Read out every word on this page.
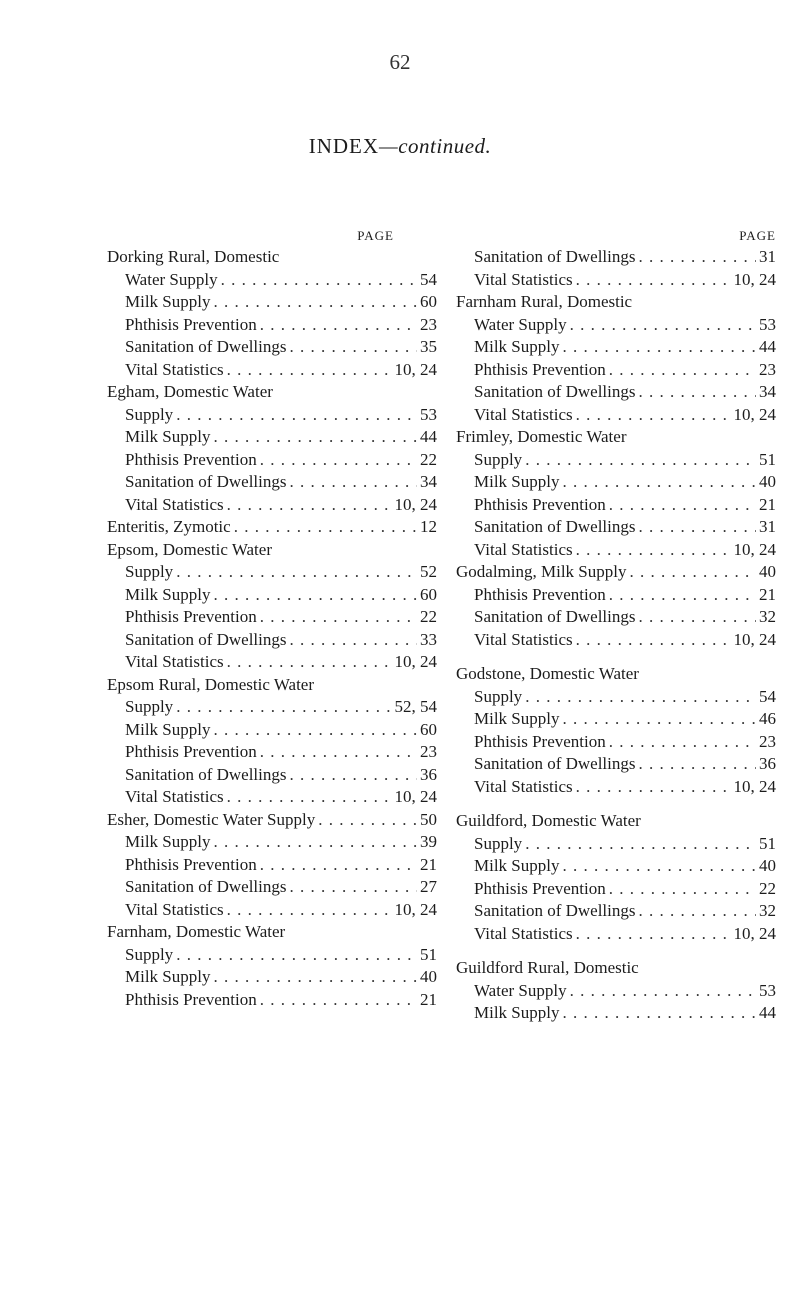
62
INDEX—continued.
PAGE
Dorking Rural, Domestic
Water Supply . . .	54
Milk Supply . . .	60
Phthisis Prevention . . .	23
Sanitation of Dwellings . . .	35
Vital Statistics . . .	10, 24
Egham, Domestic Water
Supply . . .	53
Milk Supply . . .	44
Phthisis Prevention . . .	22
Sanitation of Dwellings . . .	34
Vital Statistics . . .	10, 24
Enteritis, Zymotic . . .	12
Epsom, Domestic Water
Supply . . .	52
Milk Supply . . .	60
Phthisis Prevention . . .	22
Sanitation of Dwellings . . .	33
Vital Statistics . . .	10, 24
Epsom Rural, Domestic Water
Supply . . .	52, 54
Milk Supply . . .	60
Phthisis Prevention . . .	23
Sanitation of Dwellings . . .	36
Vital Statistics . . .	10, 24
Esher, Domestic Water Supply . . .	50
Milk Supply . . .	39
Phthisis Prevention . . .	21
Sanitation of Dwellings . . .	27
Vital Statistics . . .	10, 24
Farnham, Domestic Water
Supply . . .	51
Milk Supply . . .	40
Phthisis Prevention . . .	21
PAGE
Sanitation of Dwellings . . .	31
Vital Statistics . . .	10, 24
Farnham Rural, Domestic
Water Supply . . .	53
Milk Supply . . .	44
Phthisis Prevention . . .	23
Sanitation of Dwellings . . .	34
Vital Statistics . . .	10, 24
Frimley, Domestic Water
Supply . . .	51
Milk Supply . . .	40
Phthisis Prevention . . .	21
Sanitation of Dwellings . . .	31
Vital Statistics . . .	10, 24
Godalming, Milk Supply . . .	40
Phthisis Prevention . . .	21
Sanitation of Dwellings . . .	32
Vital Statistics . . .	10, 24
Godstone, Domestic Water
Supply . . .	54
Milk Supply . . .	46
Phthisis Prevention . . .	23
Sanitation of Dwellings . . .	36
Vital Statistics . . .	10, 24
Guildford, Domestic Water
Supply . . .	51
Milk Supply . . .	40
Phthisis Prevention . . .	22
Sanitation of Dwellings . . .	32
Vital Statistics . . .	10, 24
Guildford Rural, Domestic
Water Supply . . .	53
Milk Supply . . .	44
